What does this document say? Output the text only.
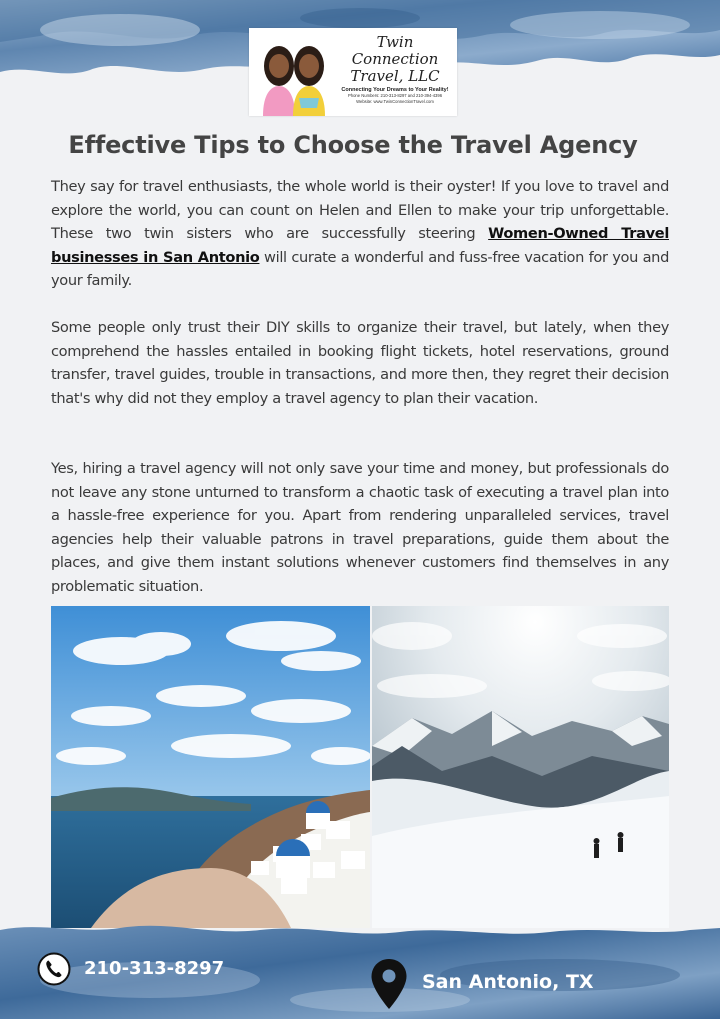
Twin Connection
Travel, LLC
Connecting Your Dreams to Your Reality!
Phone Numbers: 210-313-8297 and 210-394-4396
Website: www.TwinConnectionTravel.com
Effective Tips to Choose the Travel Agency

They say for travel enthusiasts, the whole world is their oyster! If you love to travel and explore the world, you can count on Helen and Ellen to make your trip unforgettable. These two twin sisters who are successfully steering Women-Owned Travel businesses in San Antonio will curate a wonderful and fuss-free vacation for you and your family.

Some people only trust their DIY skills to organize their travel, but lately, when they comprehend the hassles entailed in booking flight tickets, hotel reservations, ground transfer, travel guides, trouble in transactions, and more then, they regret their decision that's why did not they employ a travel agency to plan their vacation.

Yes, hiring a travel agency will not only save your time and money, but professionals do not leave any stone unturned to transform a chaotic task of executing a travel plan into a hassle-free experience for you. Apart from rendering unparalleled services, travel agencies help their valuable patrons in travel preparations, guide them about the places, and give them instant solutions whenever customers find themselves in any problematic situation.

210-313-8297
San Antonio, TX
